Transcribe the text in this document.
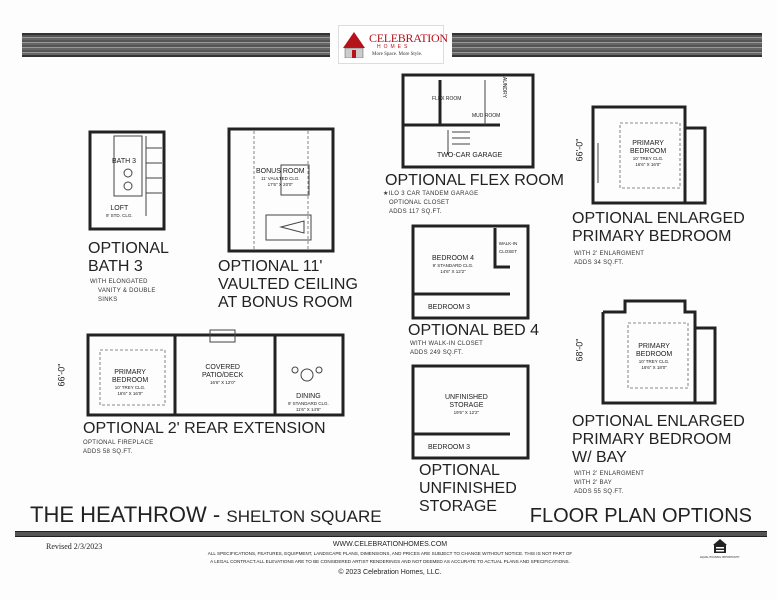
CELEBRATION
HOMES
More Space. More Style.
BATH 3
LOFT
9' STD. CLG.
OPTIONAL
BATH 3
WITH ELONGATED
VANITY & DOUBLE
SINKS
BONUS ROOM
11' VAULTED CLG.
17'6" X 20'0"
OPTIONAL 11'
VAULTED CEILING
AT BONUS ROOM
FLEX ROOM
MUD ROOM
LAUNDRY
TWO-CAR GARAGE
OPTIONAL FLEX ROOM
★ILO 3 CAR TANDEM GARAGE
OPTIONAL CLOSET
ADDS 117 SQ.FT.
66'-0"	PRIMARY
BEDROOM
10' TREY CLG.
16'6" X 16'0"
OPTIONAL ENLARGED
PRIMARY BEDROOM
WITH 2' ENLARGMENT
ADDS 34 SQ.FT.
BEDROOM 4
9' STANDARD CLG.
14'6" X 12'2"
WALK-IN CLOSET
BEDROOM 3
OPTIONAL BED 4
WITH WALK-IN CLOSET
ADDS 249 SQ.FT.
UNFINISHED
STORAGE
19'6" X 12'2"
BEDROOM 3
OPTIONAL
UNFINISHED
STORAGE
68'-0"	PRIMARY
BEDROOM
10' TREY CLG.
16'6" X 18'0"
OPTIONAL ENLARGED
PRIMARY BEDROOM
W/ BAY
WITH 2' ENLARGMENT
WITH 2' BAY
ADDS 55 SQ.FT.
66'-0"	PRIMARY
BEDROOM
10' TREY CLG.
16'6" X 16'0"
COVERED
PATIO/DECK
16'6" X 12'0"
DINING
9' STANDARD CLG.
11'6" X 14'6"
OPTIONAL 2' REAR EXTENSION
OPTIONAL FIREPLACE
ADDS 58 SQ.FT.
THE HEATHROW - SHELTON SQUARE	FLOOR PLAN OPTIONS
Revised 2/3/2023	WWW.CELEBRATIONHOMES.COM
ALL SPECIFICATIONS, FEATURES, EQUIPMENT, LANDSCAPE PLANS, DIMENSIONS, AND PRICES ARE SUBJECT TO CHANGE WITHOUT NOTICE. THIS IS NOT PART OF
A LEGAL CONTRACT.ALL ELEVATIONS ARE TO BE CONSIDERED ARTIST RENDERINGS AND NOT DEEMED AS ACCURATE TO ACTUAL PLANS AND SPECIFICATIONS.
© 2023 Celebration Homes, LLC.
EQUAL HOUSING OPPORTUNITY
